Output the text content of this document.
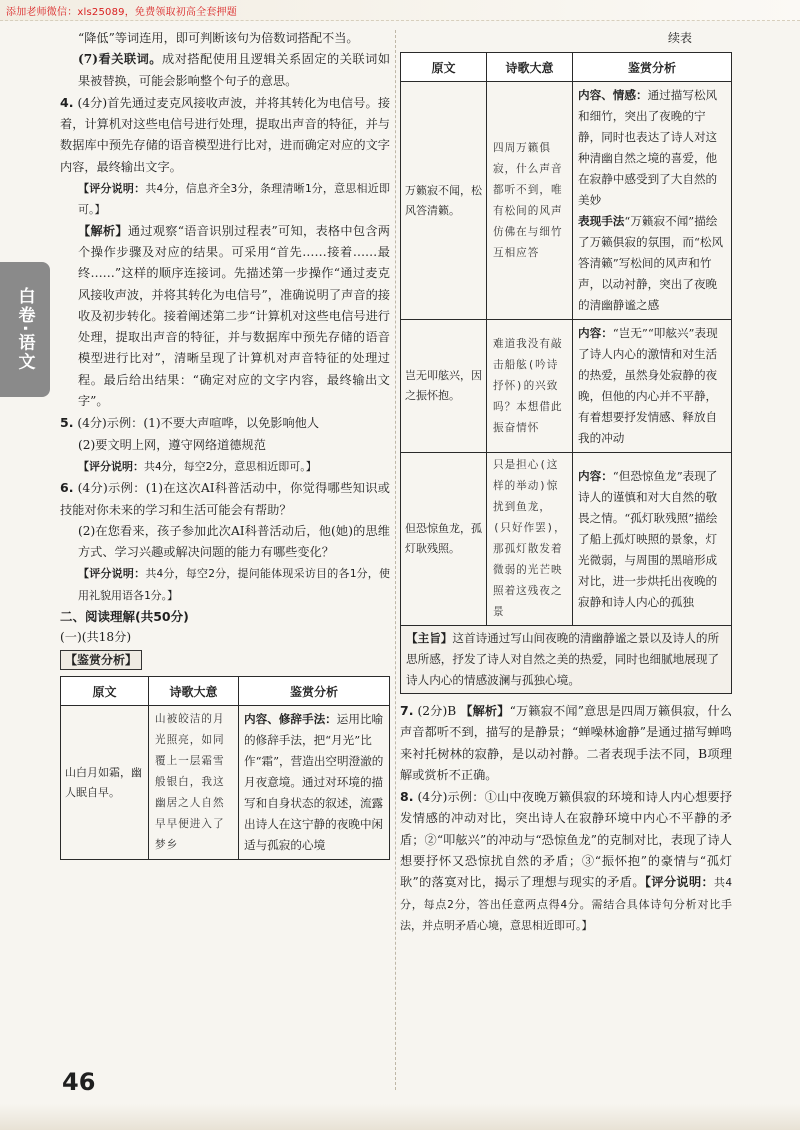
添加老师微信：xls25089，免费领取初高全套押题
白卷·语文

“降低”等词连用，即可判断该句为倍数词搭配不当。

(7)看关联词。成对搭配使用且逻辑关系固定的关联词如果被替换，可能会影响整个句子的意思。

4. (4分)首先通过麦克风接收声波，并将其转化为电信号。接着，计算机对这些电信号进行处理，提取出声音的特征，并与数据库中预先存储的语音模型进行比对，进而确定对应的文字内容，最终输出文字。

【评分说明：共4分，信息齐全3分，条理清晰1分，意思相近即可。】

【解析】通过观察“语音识别过程表”可知，表格中包含两个操作步骤及对应的结果。可采用“首先……接着……最终……”这样的顺序连接词。先描述第一步操作“通过麦克风接收声波，并将其转化为电信号”，准确说明了声音的接收及初步转化。接着阐述第二步“计算机对这些电信号进行处理，提取出声音的特征，并与数据库中预先存储的语音模型进行比对”，清晰呈现了计算机对声音特征的处理过程。最后给出结果：“确定对应的文字内容，最终输出文字”。

5. (4分)示例：(1)不要大声喧哗，以免影响他人

(2)要文明上网，遵守网络道德规范

【评分说明：共4分，每空2分，意思相近即可。】

6. (4分)示例：(1)在这次AI科普活动中，你觉得哪些知识或技能对你未来的学习和生活可能会有帮助？

(2)在您看来，孩子参加此次AI科普活动后，他(她)的思维方式、学习兴趣或解决问题的能力有哪些变化？

【评分说明：共4分，每空2分，提问能体现采访目的各1分，使用礼貌用语各1分。】

二、阅读理解(共50分)

(一)(共18分)

【鉴赏分析】
原文	诗歌大意	鉴赏分析
山白月如霜，幽人眠自早。	山被皎洁的月光照亮，如同覆上一层霜雪般银白，我这幽居之人自然早早便进入了梦乡	内容、修辞手法：运用比喻的修辞手法，把“月光”比作“霜”，营造出空明澄澈的月夜意境。通过对环境的描写和自身状态的叙述，流露出诗人在这宁静的夜晚中闲适与孤寂的心境
续表
原文	诗歌大意	鉴赏分析
万籁寂不闻，松风答清籁。	四周万籁俱寂，什么声音都听不到，唯有松间的风声仿佛在与细竹互相应答	内容、情感：通过描写松风和细竹，突出了夜晚的宁静，同时也表达了诗人对这种清幽自然之境的喜爱，他在寂静中感受到了大自然的美妙
表现手法“万籁寂不闻”描绘了万籁俱寂的氛围，而“松风答清籁”写松间的风声和竹声，以动衬静，突出了夜晚的清幽静谧之感
岂无叩舷兴，因之振怀抱。	难道我没有敲击船舷(吟诗抒怀)的兴致吗？本想借此振奋情怀	内容：“岂无”“叩舷兴”表现了诗人内心的激情和对生活的热爱，虽然身处寂静的夜晚，但他的内心并不平静，有着想要抒发情感、释放自我的冲动
但恐惊鱼龙，孤灯耿残照。	只是担心(这样的举动)惊扰到鱼龙，(只好作罢)，那孤灯散发着微弱的光芒映照着这残夜之景	内容：“但恐惊鱼龙”表现了诗人的谨慎和对大自然的敬畏之情。“孤灯耿残照”描绘了船上孤灯映照的景象，灯光微弱，与周围的黑暗形成对比，进一步烘托出夜晚的寂静和诗人内心的孤独
【主旨】这首诗通过写山间夜晚的清幽静谧之景以及诗人的所思所感，抒发了诗人对自然之美的热爱，同时也细腻地展现了诗人内心的情感波澜与孤独心境。

7. (2分)B 【解析】“万籁寂不闻”意思是四周万籁俱寂，什么声音都听不到，描写的是静景；“蝉噪林逾静”是通过描写蝉鸣来衬托树林的寂静，是以动衬静。二者表现手法不同，B项理解或赏析不正确。

8. (4分)示例：①山中夜晚万籁俱寂的环境和诗人内心想要抒发情感的冲动对比，突出诗人在寂静环境中内心不平静的矛盾；②“叩舷兴”的冲动与“恐惊鱼龙”的克制对比，表现了诗人想要抒怀又恐惊扰自然的矛盾；③“振怀抱”的豪情与“孤灯耿”的落寞对比，揭示了理想与现实的矛盾。【评分说明：共4分，每点2分，答出任意两点得4分。需结合具体诗句分析对比手法，并点明矛盾心境，意思相近即可。】

46
